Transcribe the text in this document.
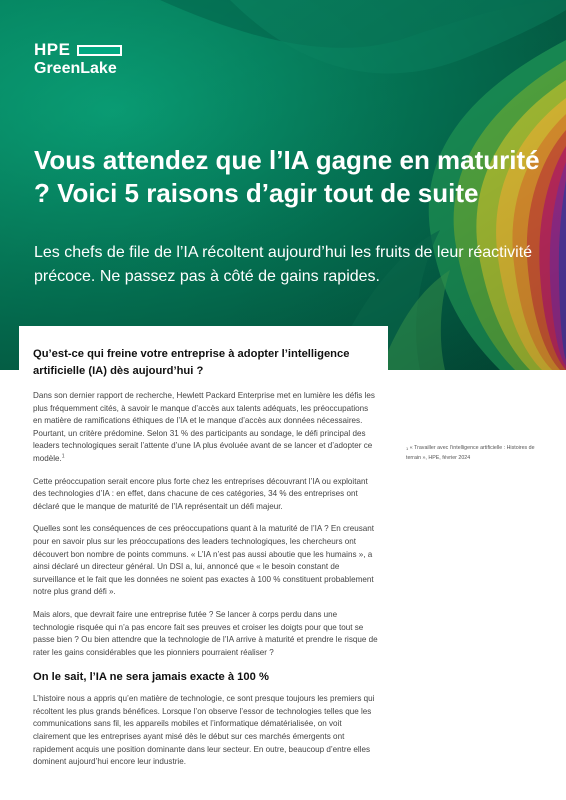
HPE
GreenLake
Vous attendez que l’IA gagne en maturité ? Voici 5 raisons d’agir tout de suite

Les chefs de file de l’IA récoltent aujourd’hui les fruits de leur réactivité précoce. Ne passez pas à côté de gains rapides.

Qu’est-ce qui freine votre entreprise à adopter l’intelligence artificielle (IA) dès aujourd’hui ?

Dans son dernier rapport de recherche, Hewlett Packard Enterprise met en lumière les défis les plus fréquemment cités, à savoir le manque d’accès aux talents adéquats, les préoccupations en matière de ramifications éthiques de l’IA et le manque d’accès aux données nécessaires. Pourtant, un critère prédomine. Selon 31 % des participants au sondage, le défi principal des leaders technologiques serait l’attente d’une IA plus évoluée avant de se lancer et d’adopter ce modèle.$^1$

Cette préoccupation serait encore plus forte chez les entreprises découvrant l’IA ou exploitant des technologies d’IA : en effet, dans chacune de ces catégories, 34 % des entreprises ont déclaré que le manque de maturité de l’IA représentait un défi majeur.

Quelles sont les conséquences de ces préoccupations quant à la maturité de l’IA ? En creusant pour en savoir plus sur les préoccupations des leaders technologiques, les chercheurs ont découvert bon nombre de points communs. « L’IA n’est pas aussi aboutie que les humains », a ainsi déclaré un directeur général. Un DSI a, lui, annoncé que « le besoin constant de surveillance et le fait que les données ne soient pas exactes à 100 % constituent probablement notre plus grand défi ».

Mais alors, que devrait faire une entreprise futée ? Se lancer à corps perdu dans une technologie risquée qui n’a pas encore fait ses preuves et croiser les doigts pour que tout se passe bien ? Ou bien attendre que la technologie de l’IA arrive à maturité et prendre le risque de rater les gains considérables que les pionniers pourraient réaliser ?

On le sait, l’IA ne sera jamais exacte à 100 %

L’histoire nous a appris qu’en matière de technologie, ce sont presque toujours les premiers qui récoltent les plus grands bénéfices. Lorsque l’on observe l’essor de technologies telles que les communications sans fil, les appareils mobiles et l’informatique dématérialisée, on voit clairement que les entreprises ayant misé dès le début sur ces marchés émergents ont rapidement acquis une position dominante dans leur secteur. En outre, beaucoup d’entre elles dominent aujourd’hui encore leur industrie.

$^1$ « Travailler avec l’intelligence artificielle : Histoires de terrain », HPE, février 2024
